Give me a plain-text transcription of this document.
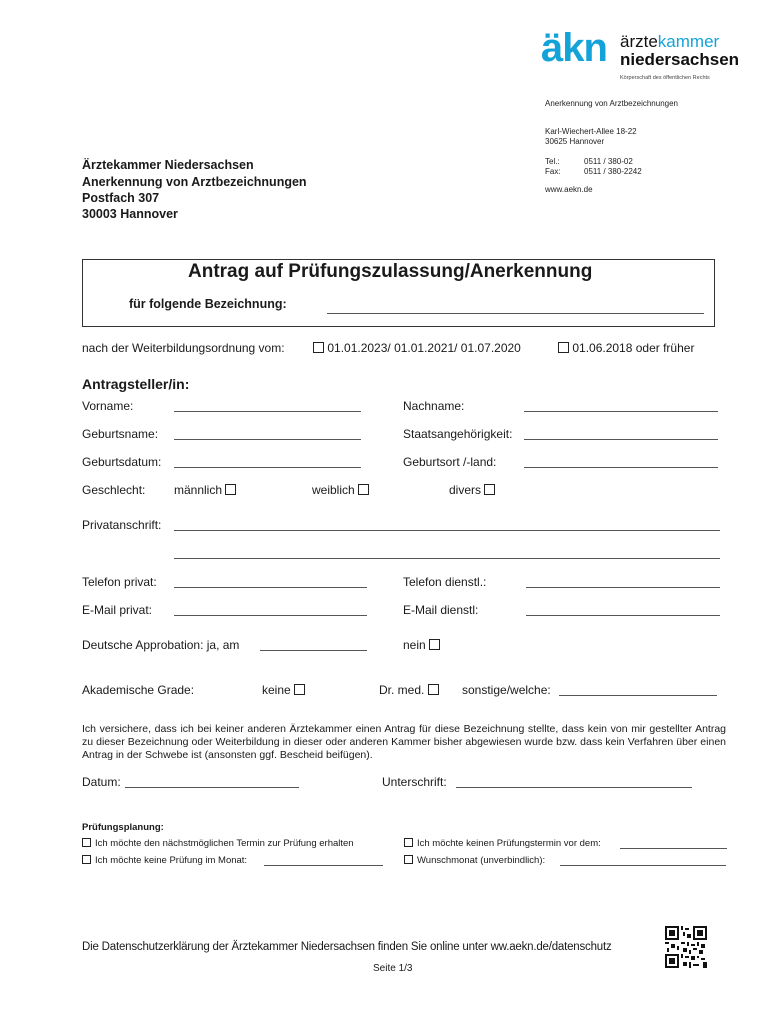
äkn ärztekammer
niedersachsen
Körperschaft des öffentlichen Rechts
Anerkennung von Arztbezeichnungen
Karl-Wiechert-Allee 18-22
30625 Hannover
Tel.:	0511 / 380-02
Fax:	0511 / 380-2242
www.aekn.de
Ärztekammer Niedersachsen
Anerkennung von Arztbezeichnungen
Postfach 307
30003 Hannover
Antrag auf Prüfungszulassung/Anerkennung
für folgende Bezeichnung:
nach der Weiterbildungsordnung vom:	01.01.2023/ 01.01.2021/ 01.07.2020	01.06.2018 oder früher
Antragsteller/in:
Vorname:	Nachname:
Geburtsname:	Staatsangehörigkeit:
Geburtsdatum:	Geburtsort /-land:
Geschlecht: männlich	weiblich	divers
Privatanschrift:
Telefon privat:	Telefon dienstl.:
E-Mail privat:	E-Mail dienstl:
Deutsche Approbation: ja, am	nein
Akademische Grade:	keine	Dr. med.	sonstige/welche:
Ich versichere, dass ich bei keiner anderen Ärztekammer einen Antrag für diese Bezeichnung stellte, dass kein von mir gestellter Antrag zu dieser Bezeichnung oder Weiterbildung in dieser oder anderen Kammer bisher abgewiesen wurde bzw. dass kein Verfahren über einen Antrag in der Schwebe ist (ansonsten ggf. Bescheid beifügen).
Datum:	Unterschrift:
Prüfungsplanung:
Ich möchte den nächstmöglichen Termin zur Prüfung erhalten	Ich möchte keinen Prüfungstermin vor dem:
Ich möchte keine Prüfung im Monat:	Wunschmonat (unverbindlich):
Die Datenschutzerklärung der Ärztekammer Niedersachsen finden Sie online unter ww.aekn.de/datenschutz
Seite 1/3
